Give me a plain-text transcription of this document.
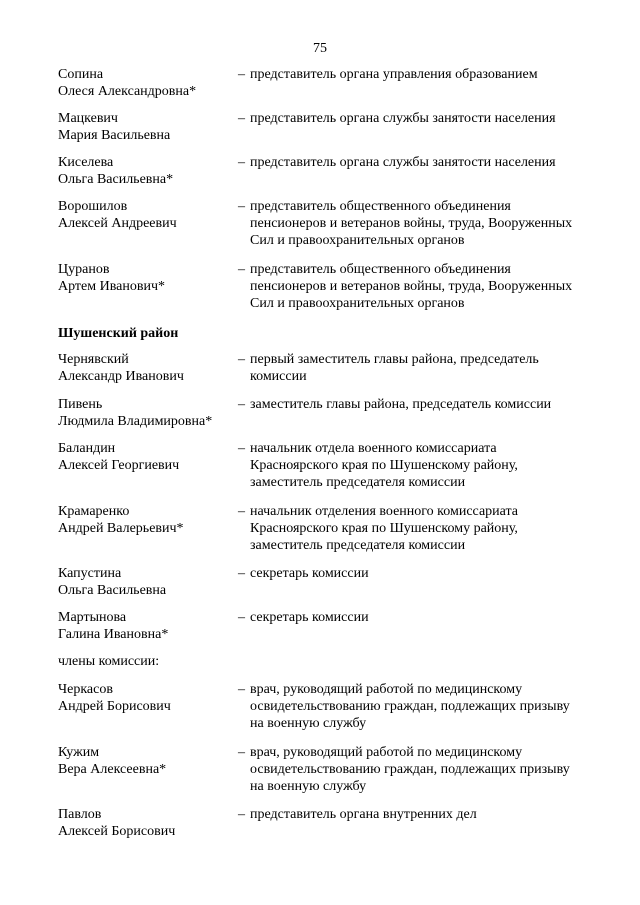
75
Сопина
Олеся Александровна*
– представитель органа управления образованием
Мацкевич
Мария Васильевна
– представитель органа службы занятости населения
Киселева
Ольга Васильевна*
– представитель органа службы занятости населения
Ворошилов
Алексей Андреевич
– представитель общественного объединения
пенсионеров и ветеранов войны, труда, Вооруженных
Сил и правоохранительных органов
Цуранов
Артем Иванович*
– представитель общественного объединения
пенсионеров и ветеранов войны, труда, Вооруженных
Сил и правоохранительных органов
Шушенский район
Чернявский
Александр Иванович
– первый заместитель главы района, председатель
комиссии
Пивень
Людмила Владимировна*
– заместитель главы района, председатель комиссии
Баландин
Алексей Георгиевич
– начальник отдела военного комиссариата
Красноярского края по Шушенскому району,
заместитель председателя комиссии
Крамаренко
Андрей Валерьевич*
– начальник отделения военного комиссариата
Красноярского края по Шушенскому району,
заместитель председателя комиссии
Капустина
Ольга Васильевна
– секретарь комиссии
Мартынова
Галина Ивановна*
– секретарь комиссии
члены комиссии:
Черкасов
Андрей Борисович
– врач, руководящий работой по медицинскому
освидетельствованию граждан, подлежащих призыву
на военную службу
Кужим
Вера Алексеевна*
– врач, руководящий работой по медицинскому
освидетельствованию граждан, подлежащих призыву
на военную службу
Павлов
Алексей Борисович
– представитель органа внутренних дел
